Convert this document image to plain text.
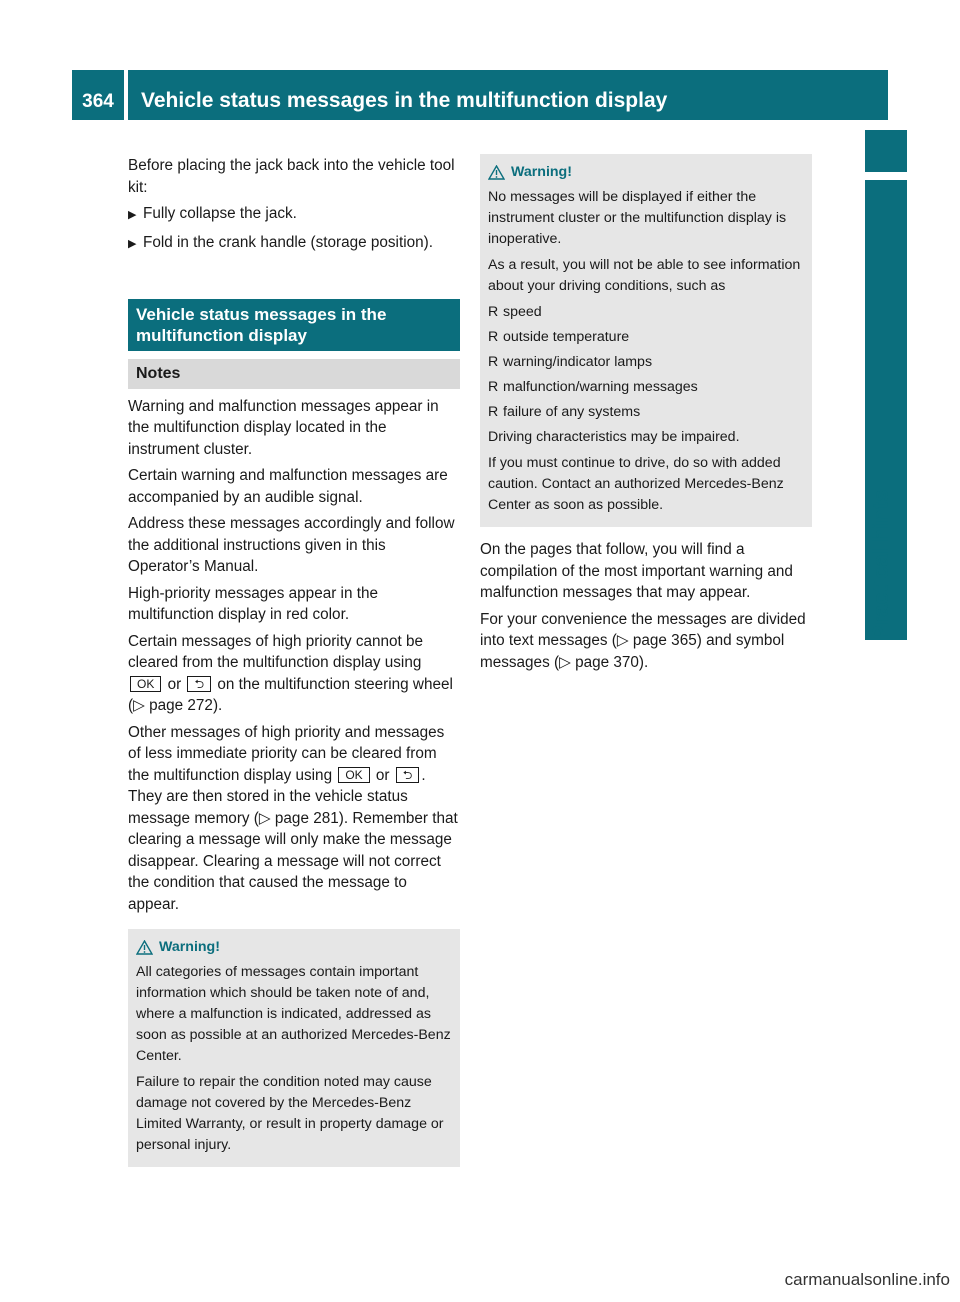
364	Vehicle status messages in the multifunction display
Practical hints

Before placing the jack back into the vehicle tool kit:

▶ Fully collapse the jack.
▶ Fold in the crank handle (storage position).
Vehicle status messages in the multifunction display
Notes

Warning and malfunction messages appear in the multifunction display located in the instrument cluster.

Certain warning and malfunction messages are accompanied by an audible signal.

Address these messages accordingly and follow the additional instructions given in this Operator’s Manual.

High-priority messages appear in the multifunction display in red color.

Certain messages of high priority cannot be cleared from the multifunction display using OK or ⮌ on the multifunction steering wheel (▷ page 272).

Other messages of high priority and messages of less immediate priority can be cleared from the multifunction display using OK or ⮌ . They are then stored in the vehicle status message memory (▷ page 281). Remember that clearing a message will only make the message disappear. Clearing a message will not correct the condition that caused the message to appear.

Warning!

All categories of messages contain important information which should be taken note of and, where a malfunction is indicated, addressed as soon as possible at an authorized Mercedes-Benz Center.

Failure to repair the condition noted may cause damage not covered by the Mercedes-Benz Limited Warranty, or result in property damage or personal injury.

Warning!

No messages will be displayed if either the instrument cluster or the multifunction display is inoperative.

As a result, you will not be able to see information about your driving conditions, such as

R speed
R outside temperature
R warning/indicator lamps
R malfunction/warning messages
R failure of any systems

Driving characteristics may be impaired.

If you must continue to drive, do so with added caution. Contact an authorized Mercedes-Benz Center as soon as possible.

On the pages that follow, you will find a compilation of the most important warning and malfunction messages that may appear.

For your convenience the messages are divided into text messages (▷ page 365) and symbol messages (▷ page 370).

carmanualsonline.info
